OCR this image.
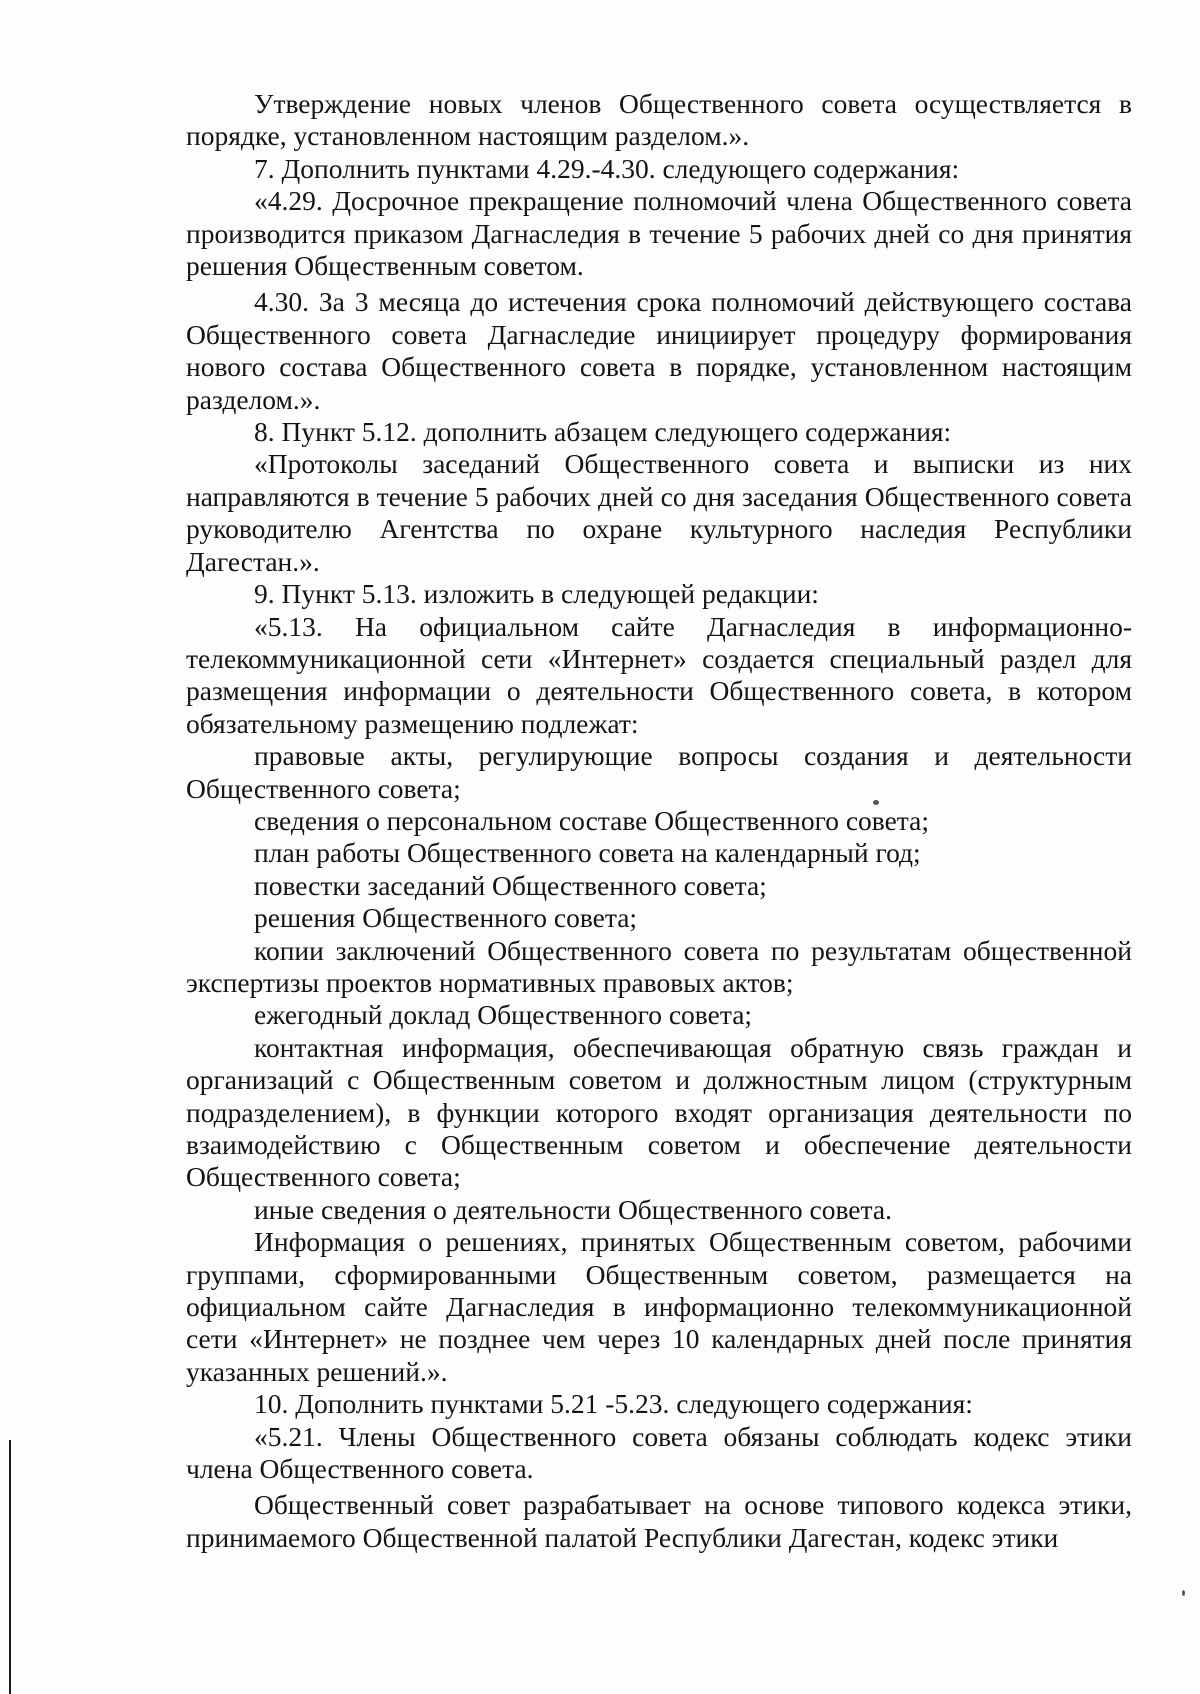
Утверждение новых членов Общественного совета осуществляется в порядке, установленном настоящим разделом.».

7. Дополнить пунктами 4.29.-4.30. следующего содержания:

«4.29. Досрочное прекращение полномочий члена Общественного совета производится приказом Дагнаследия в течение 5 рабочих дней со дня принятия решения Общественным советом.

4.30. За 3 месяца до истечения срока полномочий действующего состава Общественного совета Дагнаследие инициирует процедуру формирования нового состава Общественного совета в порядке, установленном настоящим разделом.».

8. Пункт 5.12. дополнить абзацем следующего содержания:

«Протоколы заседаний Общественного совета и выписки из них направляются в течение 5 рабочих дней со дня заседания Общественного совета руководителю Агентства по охране культурного наследия Республики Дагестан.».

9. Пункт 5.13. изложить в следующей редакции:

«5.13. На официальном сайте Дагнаследия в информационно-телекоммуникационной сети «Интернет» создается специальный раздел для размещения информации о деятельности Общественного совета, в котором обязательному размещению подлежат:

правовые акты, регулирующие вопросы создания и деятельности Общественного совета;

сведения о персональном составе Общественного совета;

план работы Общественного совета на календарный год;

повестки заседаний Общественного совета;

решения Общественного совета;

копии заключений Общественного совета по результатам общественной экспертизы проектов нормативных правовых актов;

ежегодный доклад Общественного совета;

контактная информация, обеспечивающая обратную связь граждан и организаций с Общественным советом и должностным лицом (структурным подразделением), в функции которого входят организация деятельности по взаимодействию с Общественным советом и обеспечение деятельности Общественного совета;

иные сведения о деятельности Общественного совета.

Информация о решениях, принятых Общественным советом, рабочими группами, сформированными Общественным советом, размещается на официальном сайте Дагнаследия в информационно телекоммуникационной сети «Интернет» не позднее чем через 10 календарных дней после принятия указанных решений.».

10. Дополнить пунктами 5.21 -5.23. следующего содержания:

«5.21. Члены Общественного совета обязаны соблюдать кодекс этики члена Общественного совета.

Общественный совет разрабатывает на основе типового кодекса этики, принимаемого Общественной палатой Республики Дагестан, кодекс этики
